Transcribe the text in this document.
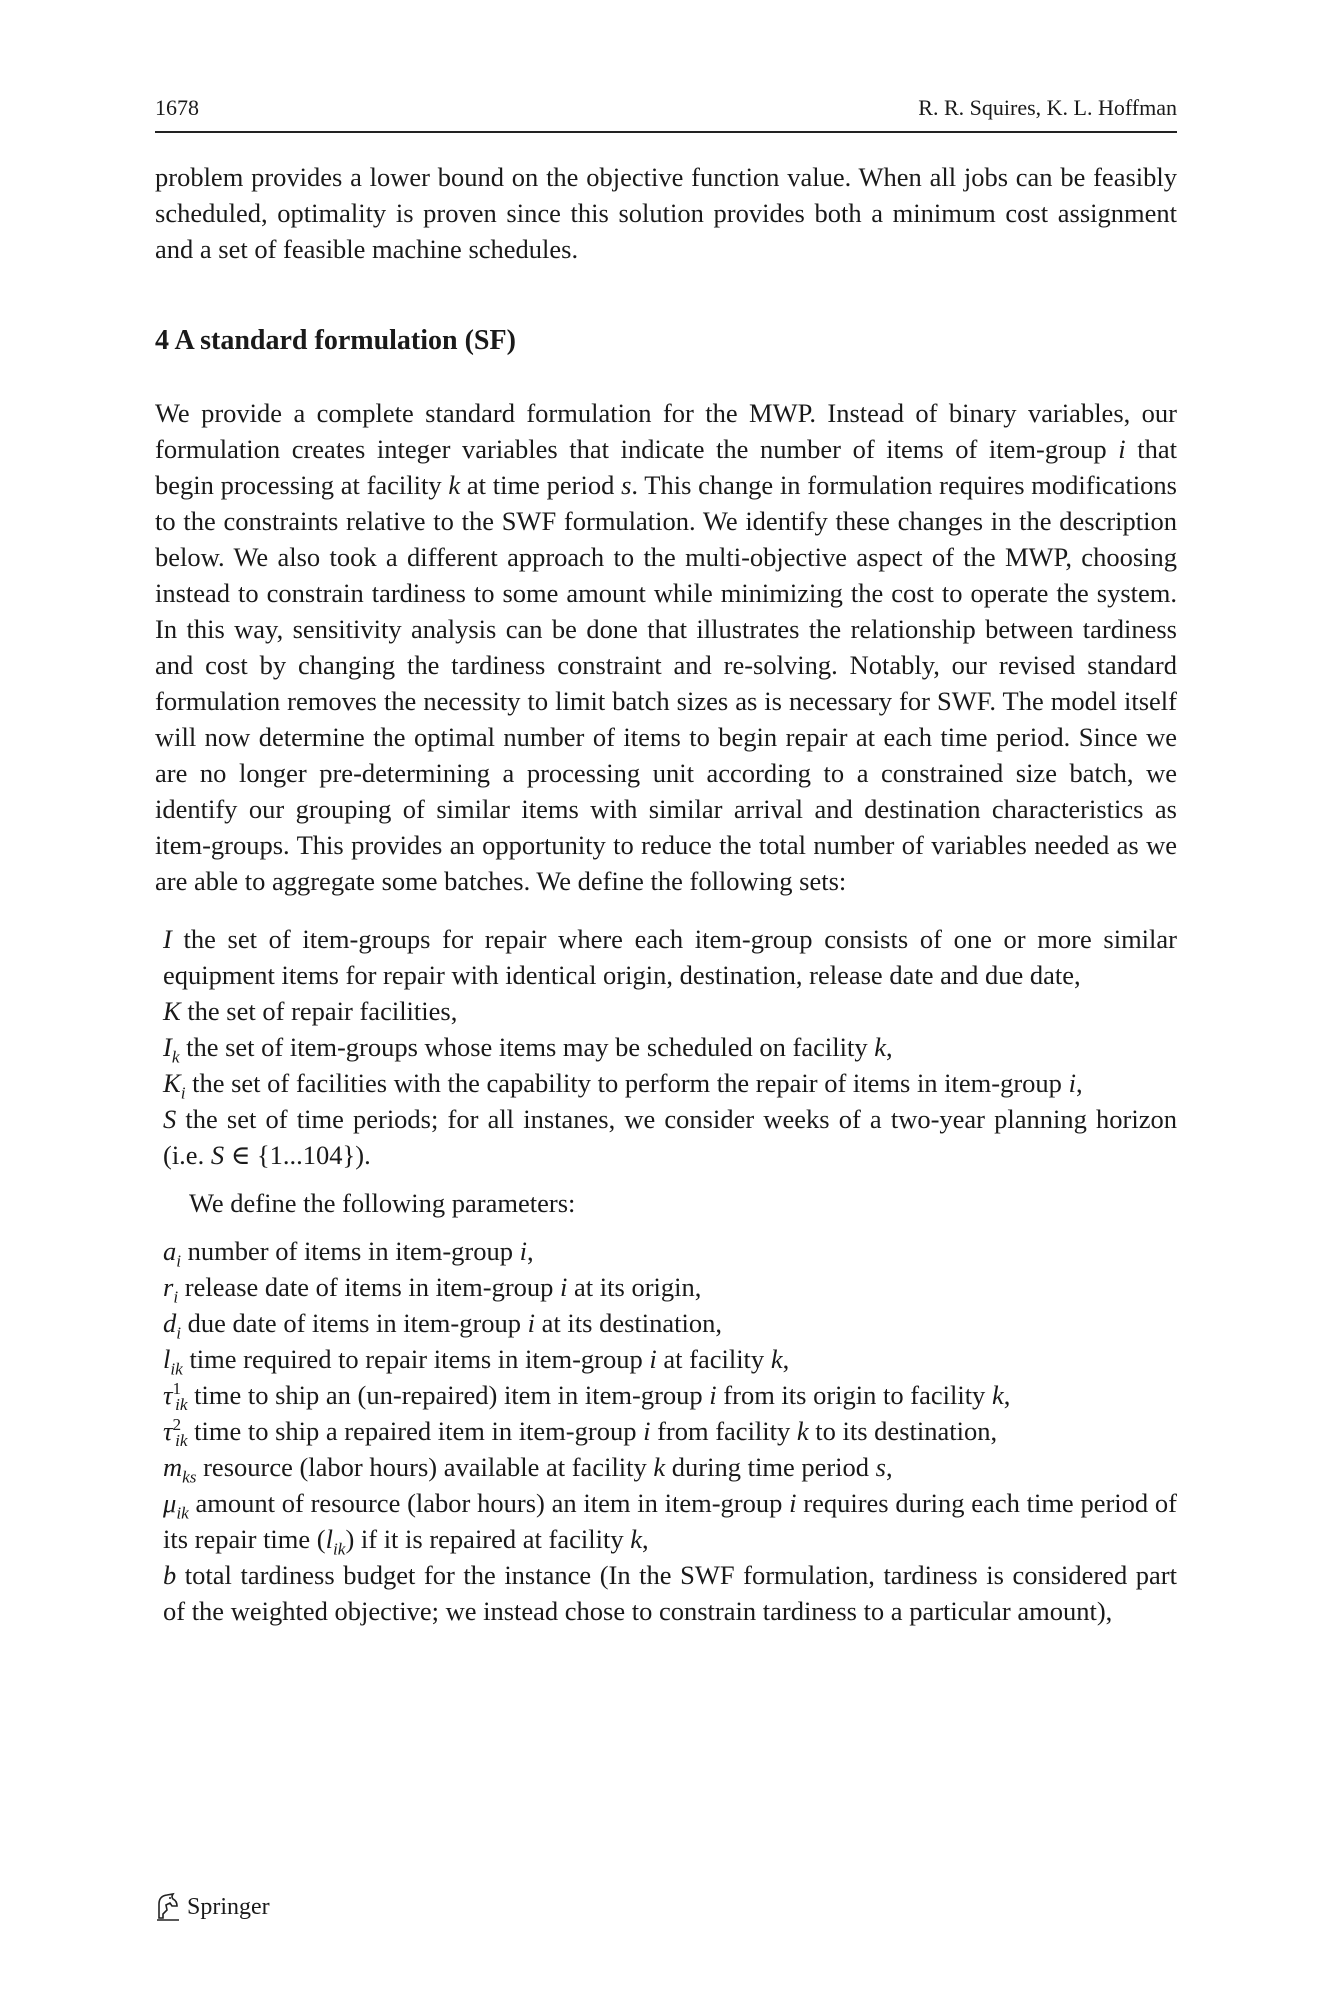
1678	R. R. Squires, K. L. Hoffman

problem provides a lower bound on the objective function value. When all jobs can be feasibly scheduled, optimality is proven since this solution provides both a minimum cost assignment and a set of feasible machine schedules.

4 A standard formulation (SF)

We provide a complete standard formulation for the MWP. Instead of binary variables, our formulation creates integer variables that indicate the number of items of item-group i that begin processing at facility k at time period s. This change in formulation requires modifications to the constraints relative to the SWF formulation. We identify these changes in the description below. We also took a different approach to the multi-objective aspect of the MWP, choosing instead to constrain tardiness to some amount while minimizing the cost to operate the system. In this way, sensitivity analysis can be done that illustrates the relationship between tardiness and cost by changing the tardiness constraint and re-solving. Notably, our revised standard formulation removes the necessity to limit batch sizes as is necessary for SWF. The model itself will now determine the optimal number of items to begin repair at each time period. Since we are no longer pre-determining a processing unit according to a constrained size batch, we identify our grouping of similar items with similar arrival and destination characteristics as item-groups. This provides an opportunity to reduce the total number of variables needed as we are able to aggregate some batches. We define the following sets:

I the set of item-groups for repair where each item-group consists of one or more similar equipment items for repair with identical origin, destination, release date and due date,
K the set of repair facilities,
$I_k$ the set of item-groups whose items may be scheduled on facility k,
$K_i$ the set of facilities with the capability to perform the repair of items in item-group i,
S the set of time periods; for all instanes, we consider weeks of a two-year planning horizon (i.e. S ∈ {1...104}).

We define the following parameters:

$a_i$ number of items in item-group i,
$r_i$ release date of items in item-group i at its origin,
$d_i$ due date of items in item-group i at its destination,
$l_{ik}$ time required to repair items in item-group i at facility k,
$\tau^1_{ik}$ time to ship an (un-repaired) item in item-group i from its origin to facility k,
$\tau^2_{ik}$ time to ship a repaired item in item-group i from facility k to its destination,
$m_{ks}$ resource (labor hours) available at facility k during time period s,
$\mu_{ik}$ amount of resource (labor hours) an item in item-group i requires during each time period of its repair time $(l_{ik})$ if it is repaired at facility k,
b total tardiness budget for the instance (In the SWF formulation, tardiness is considered part of the weighted objective; we instead chose to constrain tardiness to a particular amount),
Springer
